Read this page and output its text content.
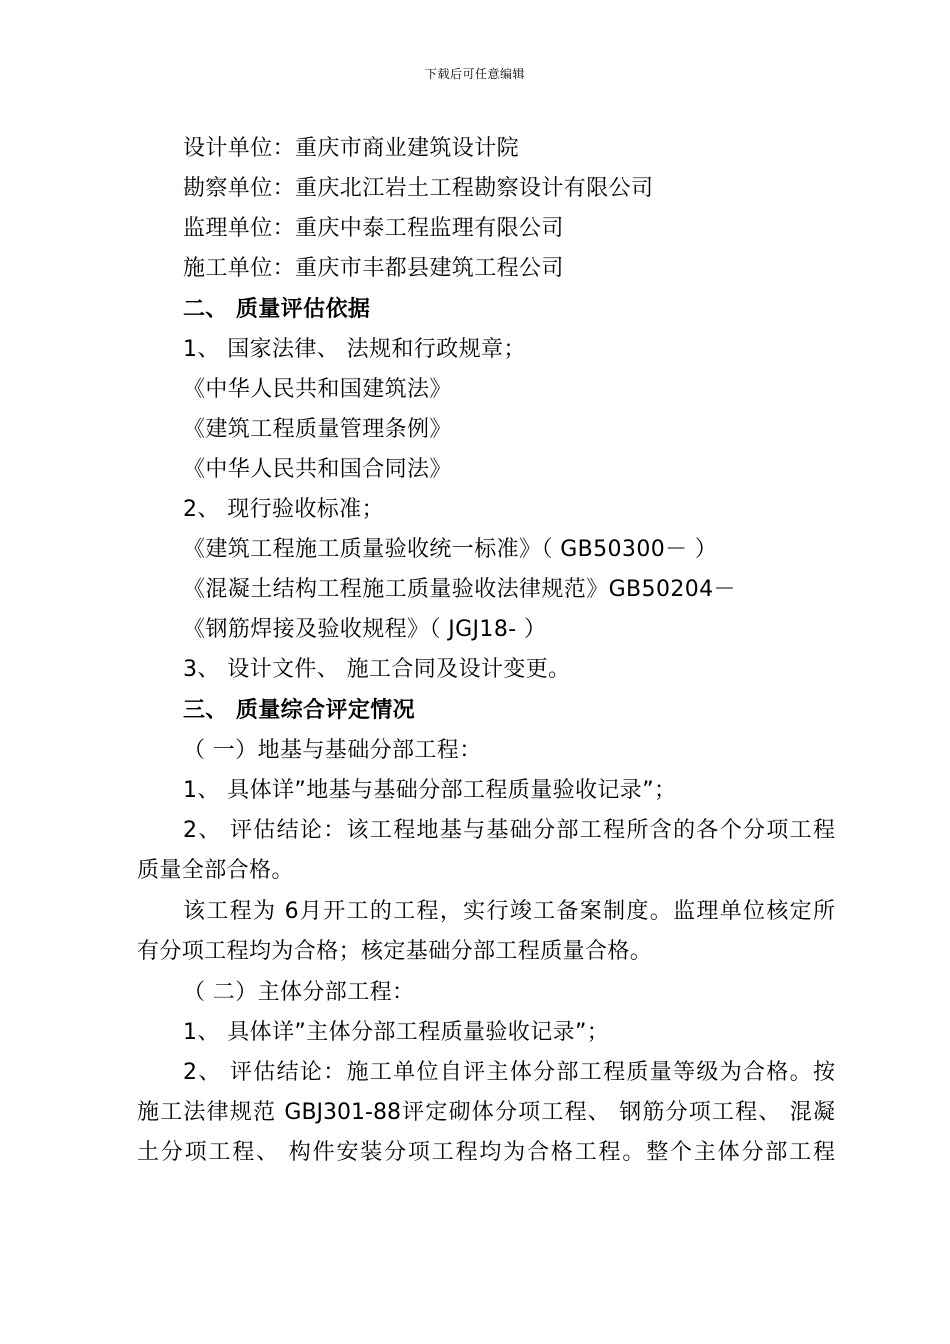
下载后可任意编辑
设计单位：重庆市商业建筑设计院
勘察单位：重庆北江岩土工程勘察设计有限公司
监理单位：重庆中泰工程监理有限公司
施工单位：重庆市丰都县建筑工程公司
二、 质量评估依据
1、 国家法律、 法规和行政规章；
《中华人民共和国建筑法》
《建筑工程质量管理条例》
《中华人民共和国合同法》
2、 现行验收标准；
《建筑工程施工质量验收统一标准》（ GB50300－ ）
《混凝土结构工程施工质量验收法律规范》GB50204－
《钢筋焊接及验收规程》（ JGJ18- ）
3、 设计文件、 施工合同及设计变更。
三、 质量综合评定情况
（ 一）地基与基础分部工程：
1、 具体详”地基与基础分部工程质量验收记录”；
2、 评估结论：该工程地基与基础分部工程所含的各个分项工程
质量全部合格。
该工程为 6月开工的工程，实行竣工备案制度。监理单位核定所
有分项工程均为合格；核定基础分部工程质量合格。
（ 二）主体分部工程：
1、 具体详”主体分部工程质量验收记录”；
2、 评估结论：施工单位自评主体分部工程质量等级为合格。按
施工法律规范 GBJ301-88评定砌体分项工程、 钢筋分项工程、 混凝
土分项工程、 构件安装分项工程均为合格工程。整个主体分部工程
